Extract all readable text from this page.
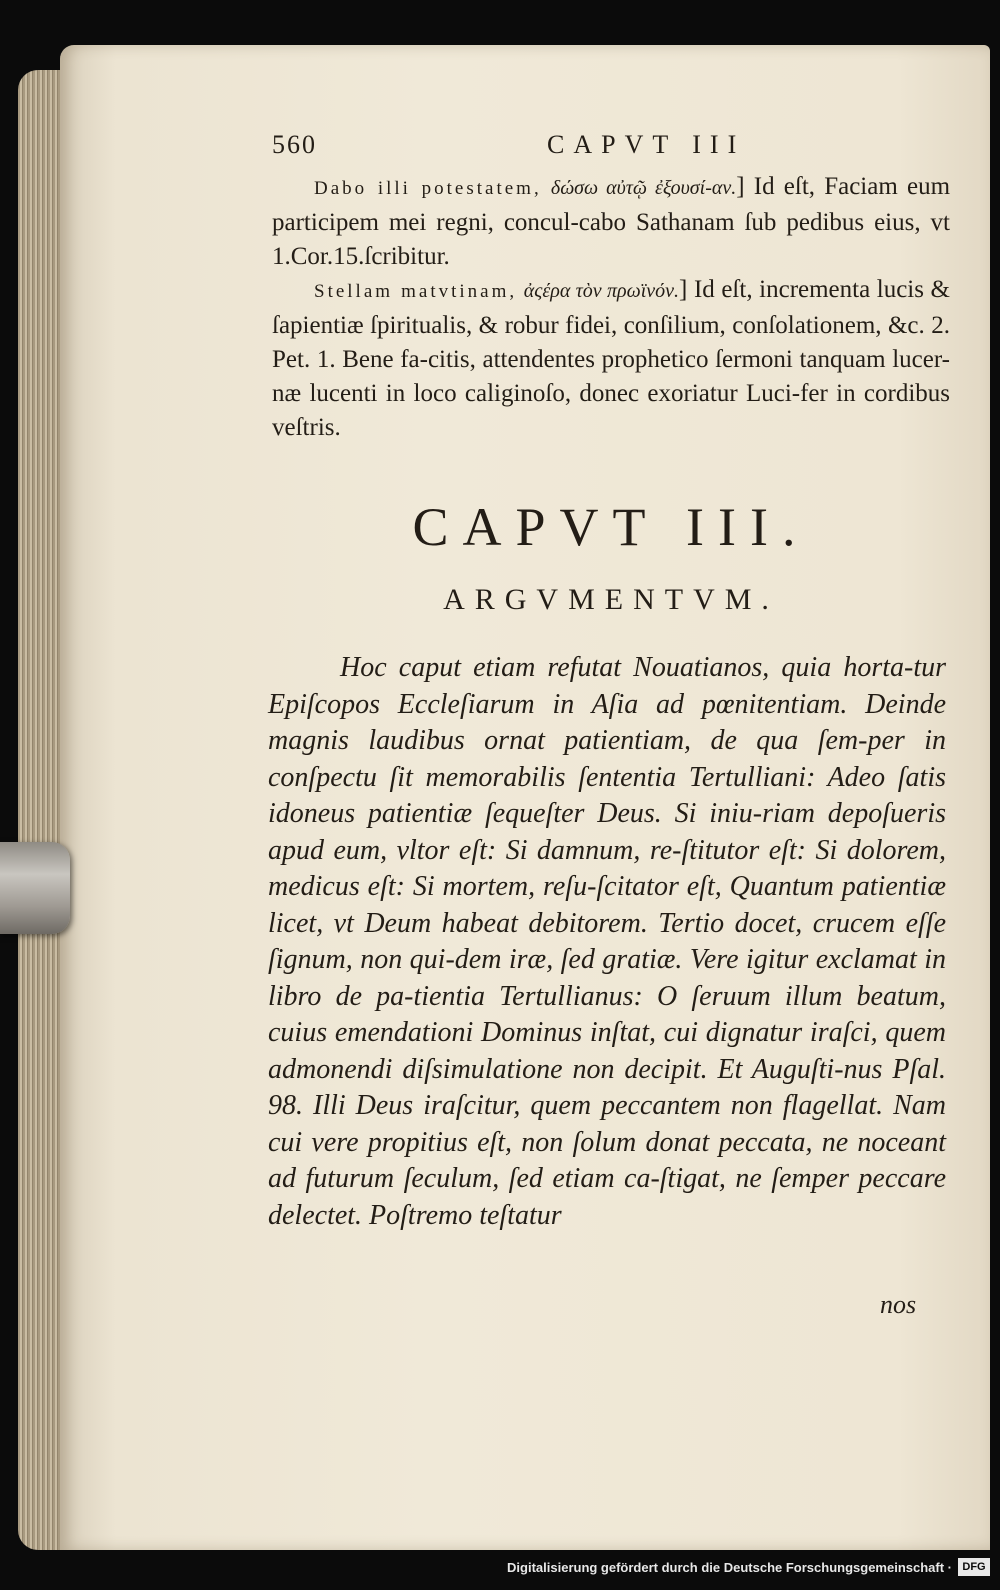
560	CAPVT III

Dabo illi potestatem, δώσω αὐτῷ ἐξουσί-αν.] Id eſt, Faciam eum participem mei regni, concul-cabo Sathanam ſub pedibus eius, vt 1.Cor.15.ſcribitur.

Stellam matvtinam, ἀςέρα τὸν πρωϊνόν.] Id eſt, incrementa lucis & ſapientiæ ſpiritualis, & robur fidei, conſilium, conſolationem, &c. 2. Pet. 1. Bene fa-citis, attendentes prophetico ſermoni tanquam lucer-næ lucenti in loco caliginoſo, donec exoriatur Luci-fer in cordibus veſtris.

CAPVT III.
ARGVMENTVM.

Hoc caput etiam refutat Nouatianos, quia horta-tur Epiſcopos Eccleſiarum in Aſia ad pœnitentiam. Deinde magnis laudibus ornat patientiam, de qua ſem-per in conſpectu ſit memorabilis ſententia Tertulliani: Adeo ſatis idoneus patientiæ ſequeſter Deus. Si iniu-riam depoſueris apud eum, vltor eſt: Si damnum, re-ſtitutor eſt: Si dolorem, medicus eſt: Si mortem, reſu-ſcitator eſt, Quantum patientiæ licet, vt Deum habeat debitorem. Tertio docet, crucem eſſe ſignum, non qui-dem iræ, ſed gratiæ. Vere igitur exclamat in libro de pa-tientia Tertullianus: O ſeruum illum beatum, cuius emendationi Dominus inſtat, cui dignatur iraſci, quem admonendi diſsimulatione non decipit. Et Auguſti-nus Pſal. 98. Illi Deus iraſcitur, quem peccantem non flagellat. Nam cui vere propitius eſt, non ſolum donat peccata, ne noceant ad futurum ſeculum, ſed etiam ca-ſtigat, ne ſemper peccare delectet. Poſtremo teſtatur

nos
Digitalisierung gefördert durch die Deutsche Forschungsgemeinschaft · DFG
